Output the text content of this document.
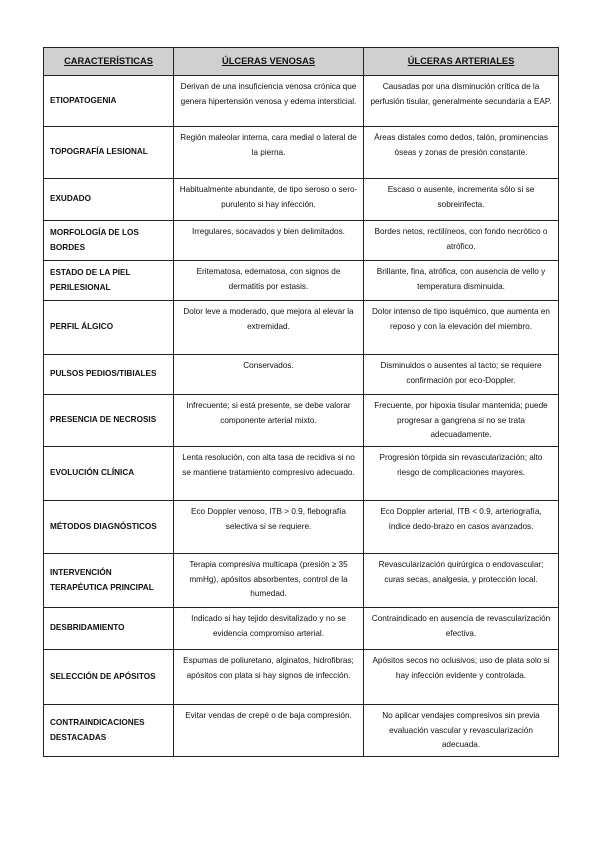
CARACTERÍSTICAS	ÚLCERAS VENOSAS	ÚLCERAS ARTERIALES
ETIOPATOGENIA	Derivan de una insuficiencia venosa crónica que genera hipertensión venosa y edema intersticial.	Causadas por una disminución crítica de la perfusión tisular, generalmente secundaria a EAP.
TOPOGRAFÍA LESIONAL	Región maleolar interna, cara medial o lateral de la pierna.	Áreas distales como dedos, talón, prominencias óseas y zonas de presión constante.
EXUDADO	Habitualmente abundante, de tipo seroso o sero-purulento si hay infección.	Escaso o ausente, incrementa sólo si se sobreinfecta.
MORFOLOGÍA DE LOS BORDES	Irregulares, socavados y bien delimitados.	Bordes netos, rectilíneos, con fondo necrótico o atrófico.
ESTADO DE LA PIEL PERILESIONAL	Eritematosa, edematosa, con signos de dermatitis por estasis.	Brillante, fina, atrófica, con ausencia de vello y temperatura disminuida.
PERFIL ÁLGICO	Dolor leve a moderado, que mejora al elevar la extremidad.	Dolor intenso de tipo isquémico, que aumenta en reposo y con la elevación del miembro.
PULSOS PEDIOS/TIBIALES	Conservados.	Disminuidos o ausentes al tacto; se requiere confirmación por eco-Doppler.
PRESENCIA DE NECROSIS	Infrecuente; si está presente, se debe valorar componente arterial mixto.	Frecuente, por hipoxia tisular mantenida; puede progresar a gangrena si no se trata adecuadamente.
EVOLUCIÓN CLÍNICA	Lenta resolución, con alta tasa de recidiva si no se mantiene tratamiento compresivo adecuado.	Progresión tórpida sin revascularización; alto riesgo de complicaciones mayores.
MÉTODOS DIAGNÓSTICOS	Eco Doppler venoso, ITB > 0.9, flebografía selectiva si se requiere.	Eco Doppler arterial, ITB < 0.9, arteriografía, índice dedo-brazo en casos avanzados.
INTERVENCIÓN TERAPÉUTICA PRINCIPAL	Terapia compresiva multicapa (presión ≥ 35 mmHg), apósitos absorbentes, control de la humedad.	Revascularización quirúrgica o endovascular; curas secas, analgesia, y protección local.
DESBRIDAMIENTO	Indicado si hay tejido desvitalizado y no se evidencia compromiso arterial.	Contraindicado en ausencia de revascularización efectiva.
SELECCIÓN DE APÓSITOS	Espumas de poliuretano, alginatos, hidrofibras; apósitos con plata si hay signos de infección.	Apósitos secos no oclusivos; uso de plata solo si hay infección evidente y controlada.
CONTRAINDICACIONES DESTACADAS	Evitar vendas de crepé o de baja compresión.	No aplicar vendajes compresivos sin previa evaluación vascular y revascularización adecuada.
